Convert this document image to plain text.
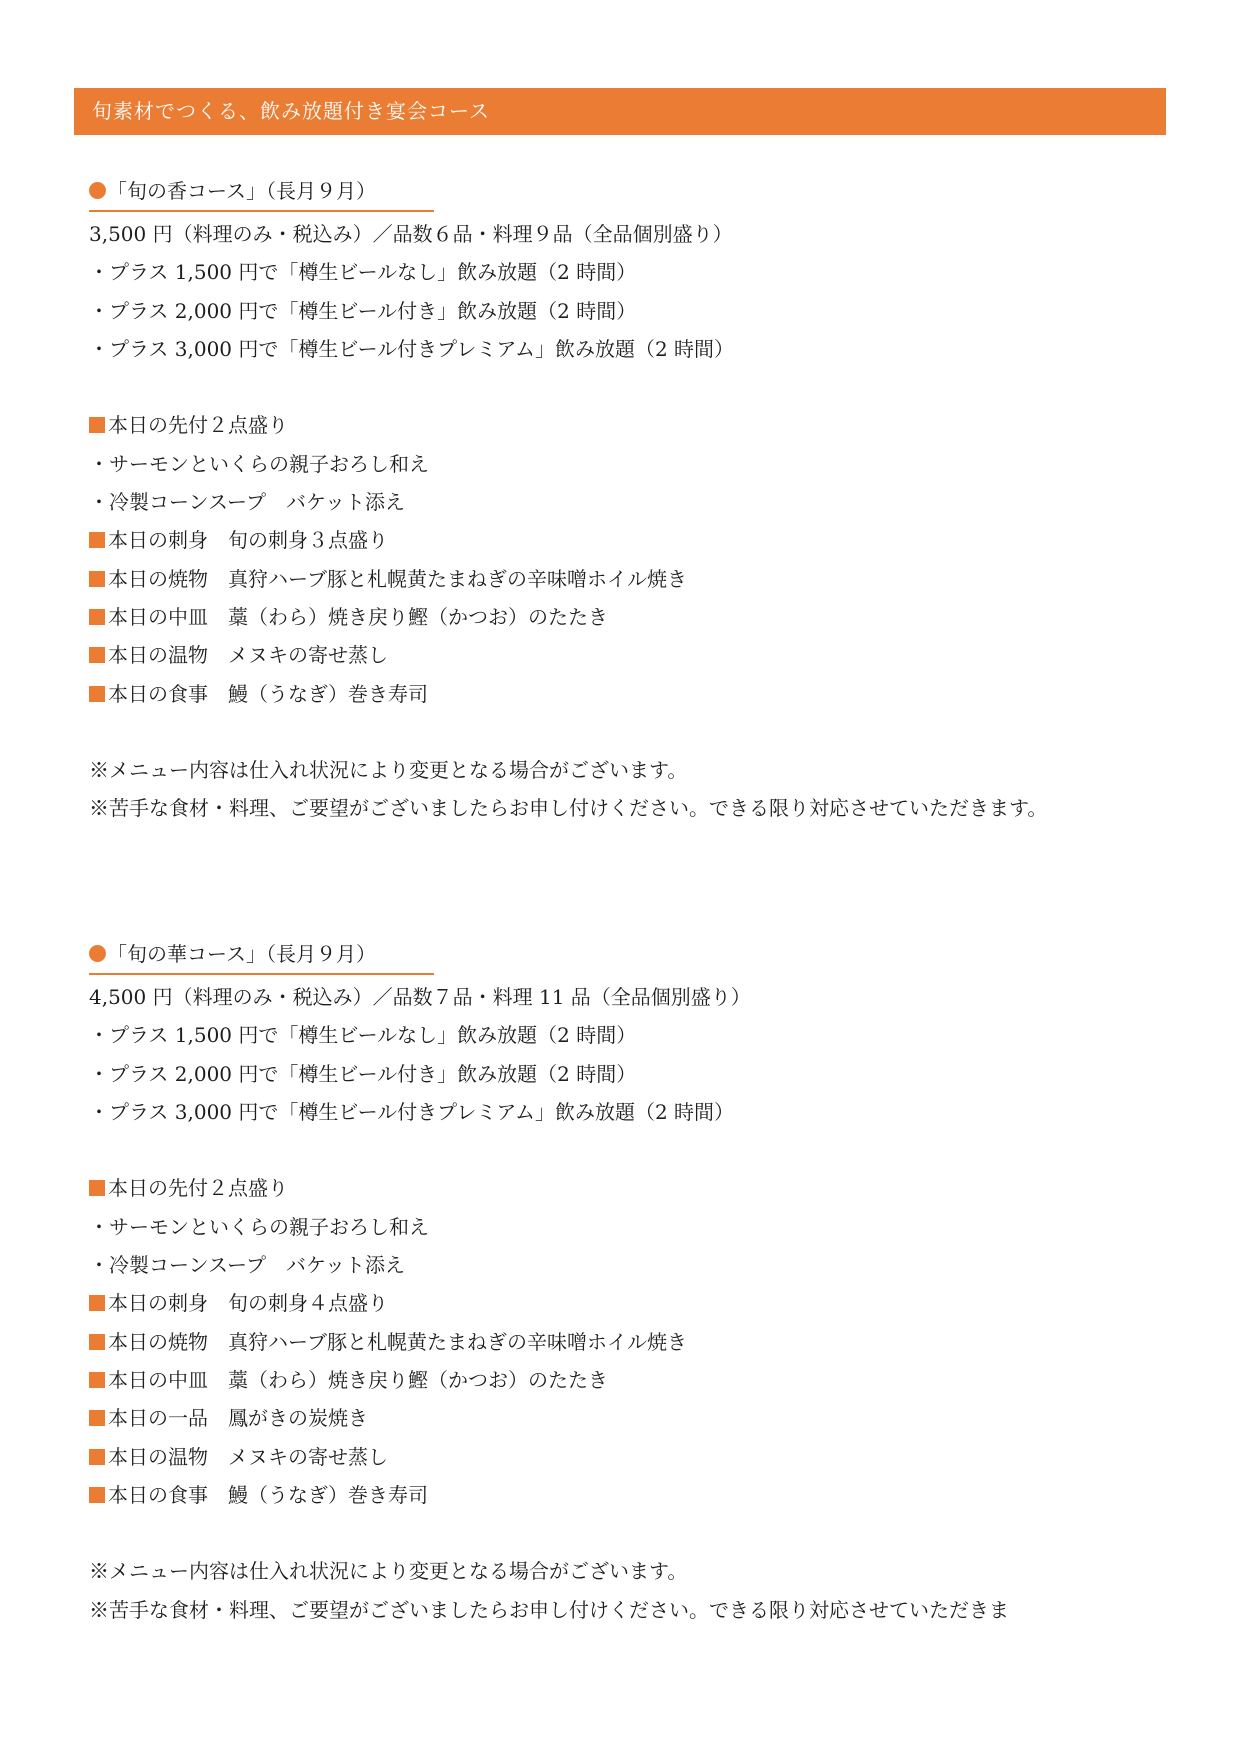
旬素材でつくる、飲み放題付き宴会コース
「旬の香コース」（長月９月）
3,500 円（料理のみ・税込み）／品数６品・料理９品（全品個別盛り）
・プラス 1,500 円で「樽生ビールなし」飲み放題（2 時間）
・プラス 2,000 円で「樽生ビール付き」飲み放題（2 時間）
・プラス 3,000 円で「樽生ビール付きプレミアム」飲み放題（2 時間）
本日の先付２点盛り
・サーモンといくらの親子おろし和え
・冷製コーンスープ　バケット添え
本日の刺身　旬の刺身３点盛り
本日の焼物　真狩ハーブ豚と札幌黄たまねぎの辛味噌ホイル焼き
本日の中皿　藁（わら）焼き戻り鰹（かつお）のたたき
本日の温物　メヌキの寄せ蒸し
本日の食事　鰻（うなぎ）巻き寿司
※メニュー内容は仕入れ状況により変更となる場合がございます。
※苦手な食材・料理、ご要望がございましたらお申し付けください。できる限り対応させていただきます。
「旬の華コース」（長月９月）
4,500 円（料理のみ・税込み）／品数７品・料理 11 品（全品個別盛り）
・プラス 1,500 円で「樽生ビールなし」飲み放題（2 時間）
・プラス 2,000 円で「樽生ビール付き」飲み放題（2 時間）
・プラス 3,000 円で「樽生ビール付きプレミアム」飲み放題（2 時間）
本日の先付２点盛り
・サーモンといくらの親子おろし和え
・冷製コーンスープ　バケット添え
本日の刺身　旬の刺身４点盛り
本日の焼物　真狩ハーブ豚と札幌黄たまねぎの辛味噌ホイル焼き
本日の中皿　藁（わら）焼き戻り鰹（かつお）のたたき
本日の一品　鳳がきの炭焼き
本日の温物　メヌキの寄せ蒸し
本日の食事　鰻（うなぎ）巻き寿司
※メニュー内容は仕入れ状況により変更となる場合がございます。
※苦手な食材・料理、ご要望がございましたらお申し付けください。できる限り対応させていただきま
